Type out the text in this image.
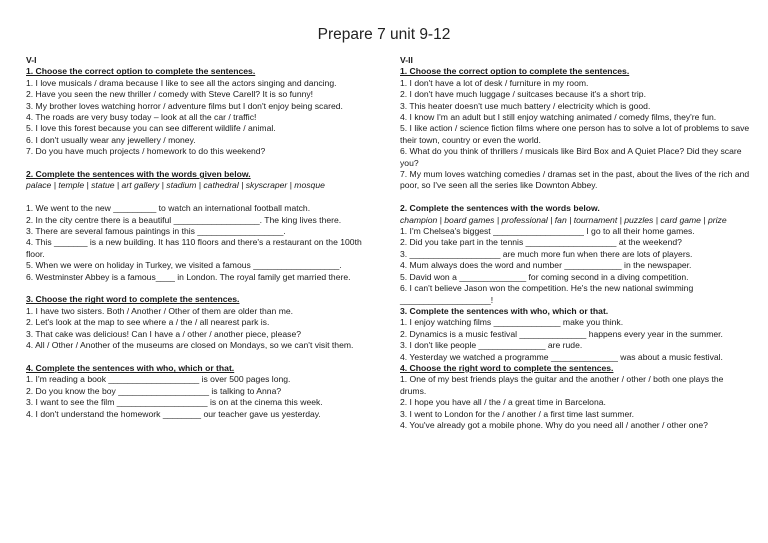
Prepare 7 unit 9-12
V-I
1. Choose the correct option to complete the sentences.
1. I love musicals / drama because I like to see all the actors singing and dancing.
2. Have you seen the new thriller / comedy with Steve Carell? It is so funny!
3. My brother loves watching horror / adventure films but I don't enjoy being scared.
4. The roads are very busy today – look at all the car / traffic!
5. I love this forest because you can see different wildlife / animal.
6. I don't usually wear any jewellery / money.
7. Do you have much projects / homework to do this weekend?
2. Complete the sentences with the words given below.
palace | temple | statue | art gallery | stadium | cathedral | skyscraper | mosque
1. We went to the new _________ to watch an international football match.
2. In the city centre there is a beautiful __________________. The king lives there.
3. There are several famous paintings in this __________________.
4. This _______ is a new building. It has 110 floors and there's a restaurant on the 100th floor.
5. When we were on holiday in Turkey, we visited a famous __________________.
6. Westminster Abbey is a famous____ in London. The royal family get married there.
3. Choose the right word to complete the sentences.
1. I have two sisters. Both / Another / Other of them are older than me.
2. Let's look at the map to see where a / the / all nearest park is.
3. That cake was delicious! Can I have a / other / another piece, please?
4. All / Other / Another of the museums are closed on Mondays, so we can't visit them.
4. Complete the sentences with who, which or that.
1. I'm reading a book ___________________ is over 500 pages long.
2. Do you know the boy ___________________ is talking to Anna?
3. I want to see the film ___________________ is on at the cinema this week.
4. I don't understand the homework ________ our teacher gave us yesterday.
V-II
1. Choose the correct option to complete the sentences.
1. I don't have a lot of desk / furniture in my room.
2. I don't have much luggage / suitcases because it's a short trip.
3. This heater doesn't use much battery / electricity which is good.
4. I know I'm an adult but I still enjoy watching animated / comedy films, they're fun.
5. I like action / science fiction films where one person has to solve a lot of problems to save their town, country or even the world.
6. What do you think of thrillers / musicals like Bird Box and A Quiet Place? Did they scare you?
7. My mum loves watching comedies / dramas set in the past, about the lives of the rich and poor, so I've seen all the series like Downton Abbey.
2. Complete the sentences with the words below.
champion | board games | professional | fan | tournament | puzzles | card game | prize
1. I'm Chelsea's biggest ___________________ I go to all their home games.
2. Did you take part in the tennis ___________________ at the weekend?
3. ___________________ are much more fun when there are lots of players.
4. Mum always does the word and number ____________ in the newspaper.
5. David won a ______________ for coming second in a diving competition.
6. I can't believe Jason won the competition. He's the new national swimming ___________________!
3. Complete the sentences with who, which or that.
1. I enjoy watching films ______________ make you think.
2. Dynamics is a music festival ______________ happens every year in the summer.
3. I don't like people ______________ are rude.
4. Yesterday we watched a programme ______________ was about a music festival.
4. Choose the right word to complete the sentences.
1. One of my best friends plays the guitar and the another / other / both one plays the drums.
2. I hope you have all / the / a great time in Barcelona.
3. I went to London for the / another / a first time last summer.
4. You've already got a mobile phone. Why do you need all / another / other one?
